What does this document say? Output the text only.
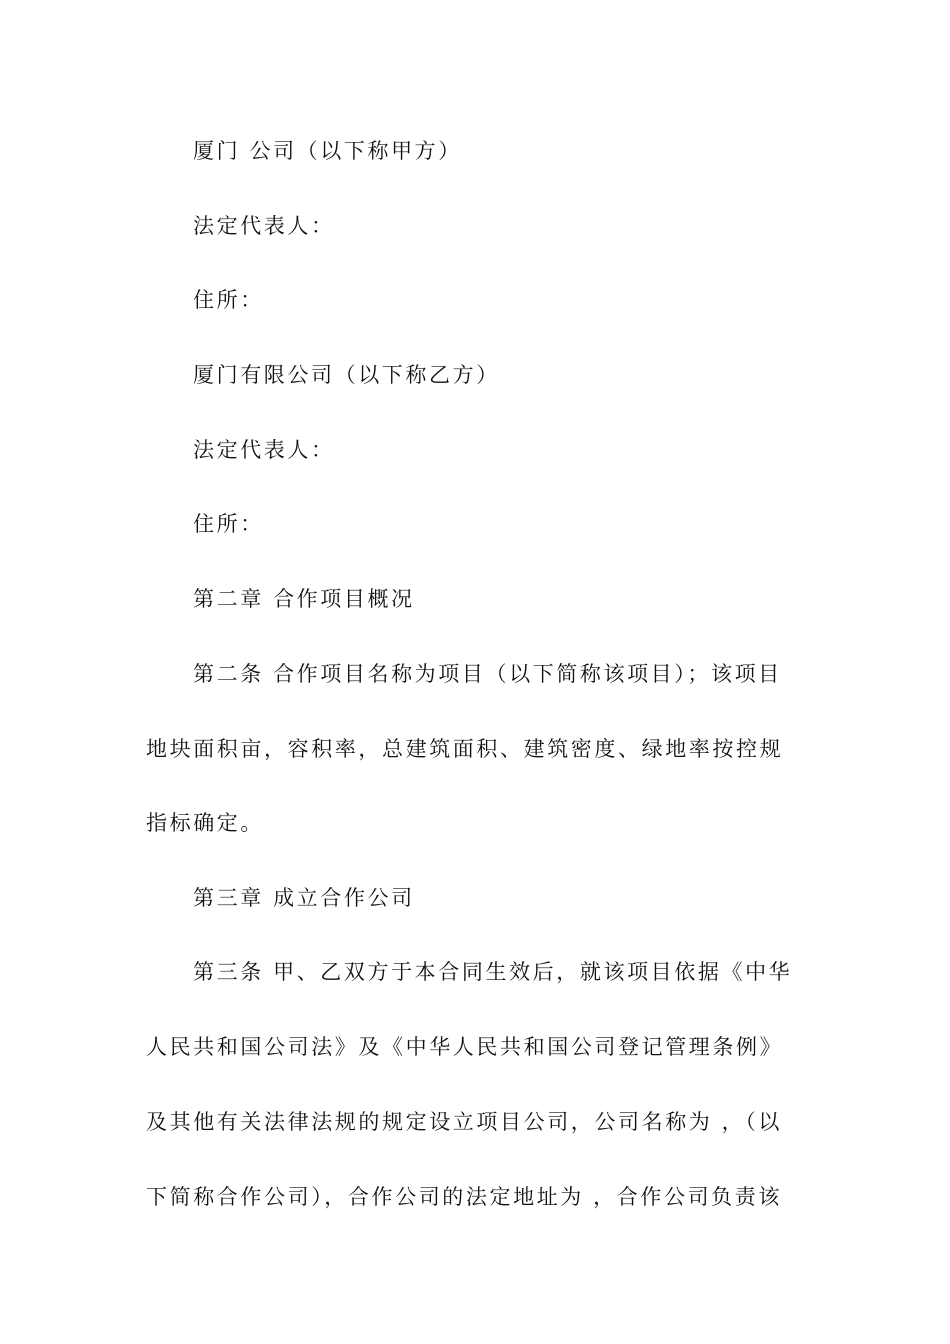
厦门 公司（以下称甲方）
法定代表人：
住所：
厦门有限公司（以下称乙方）
法定代表人：
住所：
第二章 合作项目概况
第二条 合作项目名称为项目（以下简称该项目）；该项目
地块面积亩，容积率，总建筑面积、建筑密度、绿地率按控规
指标确定。
第三章 成立合作公司
第三条 甲、乙双方于本合同生效后，就该项目依据《中华
人民共和国公司法》及《中华人民共和国公司登记管理条例》
及其他有关法律法规的规定设立项目公司，公司名称为 ，（以
下简称合作公司），合作公司的法定地址为 ，合作公司负责该
